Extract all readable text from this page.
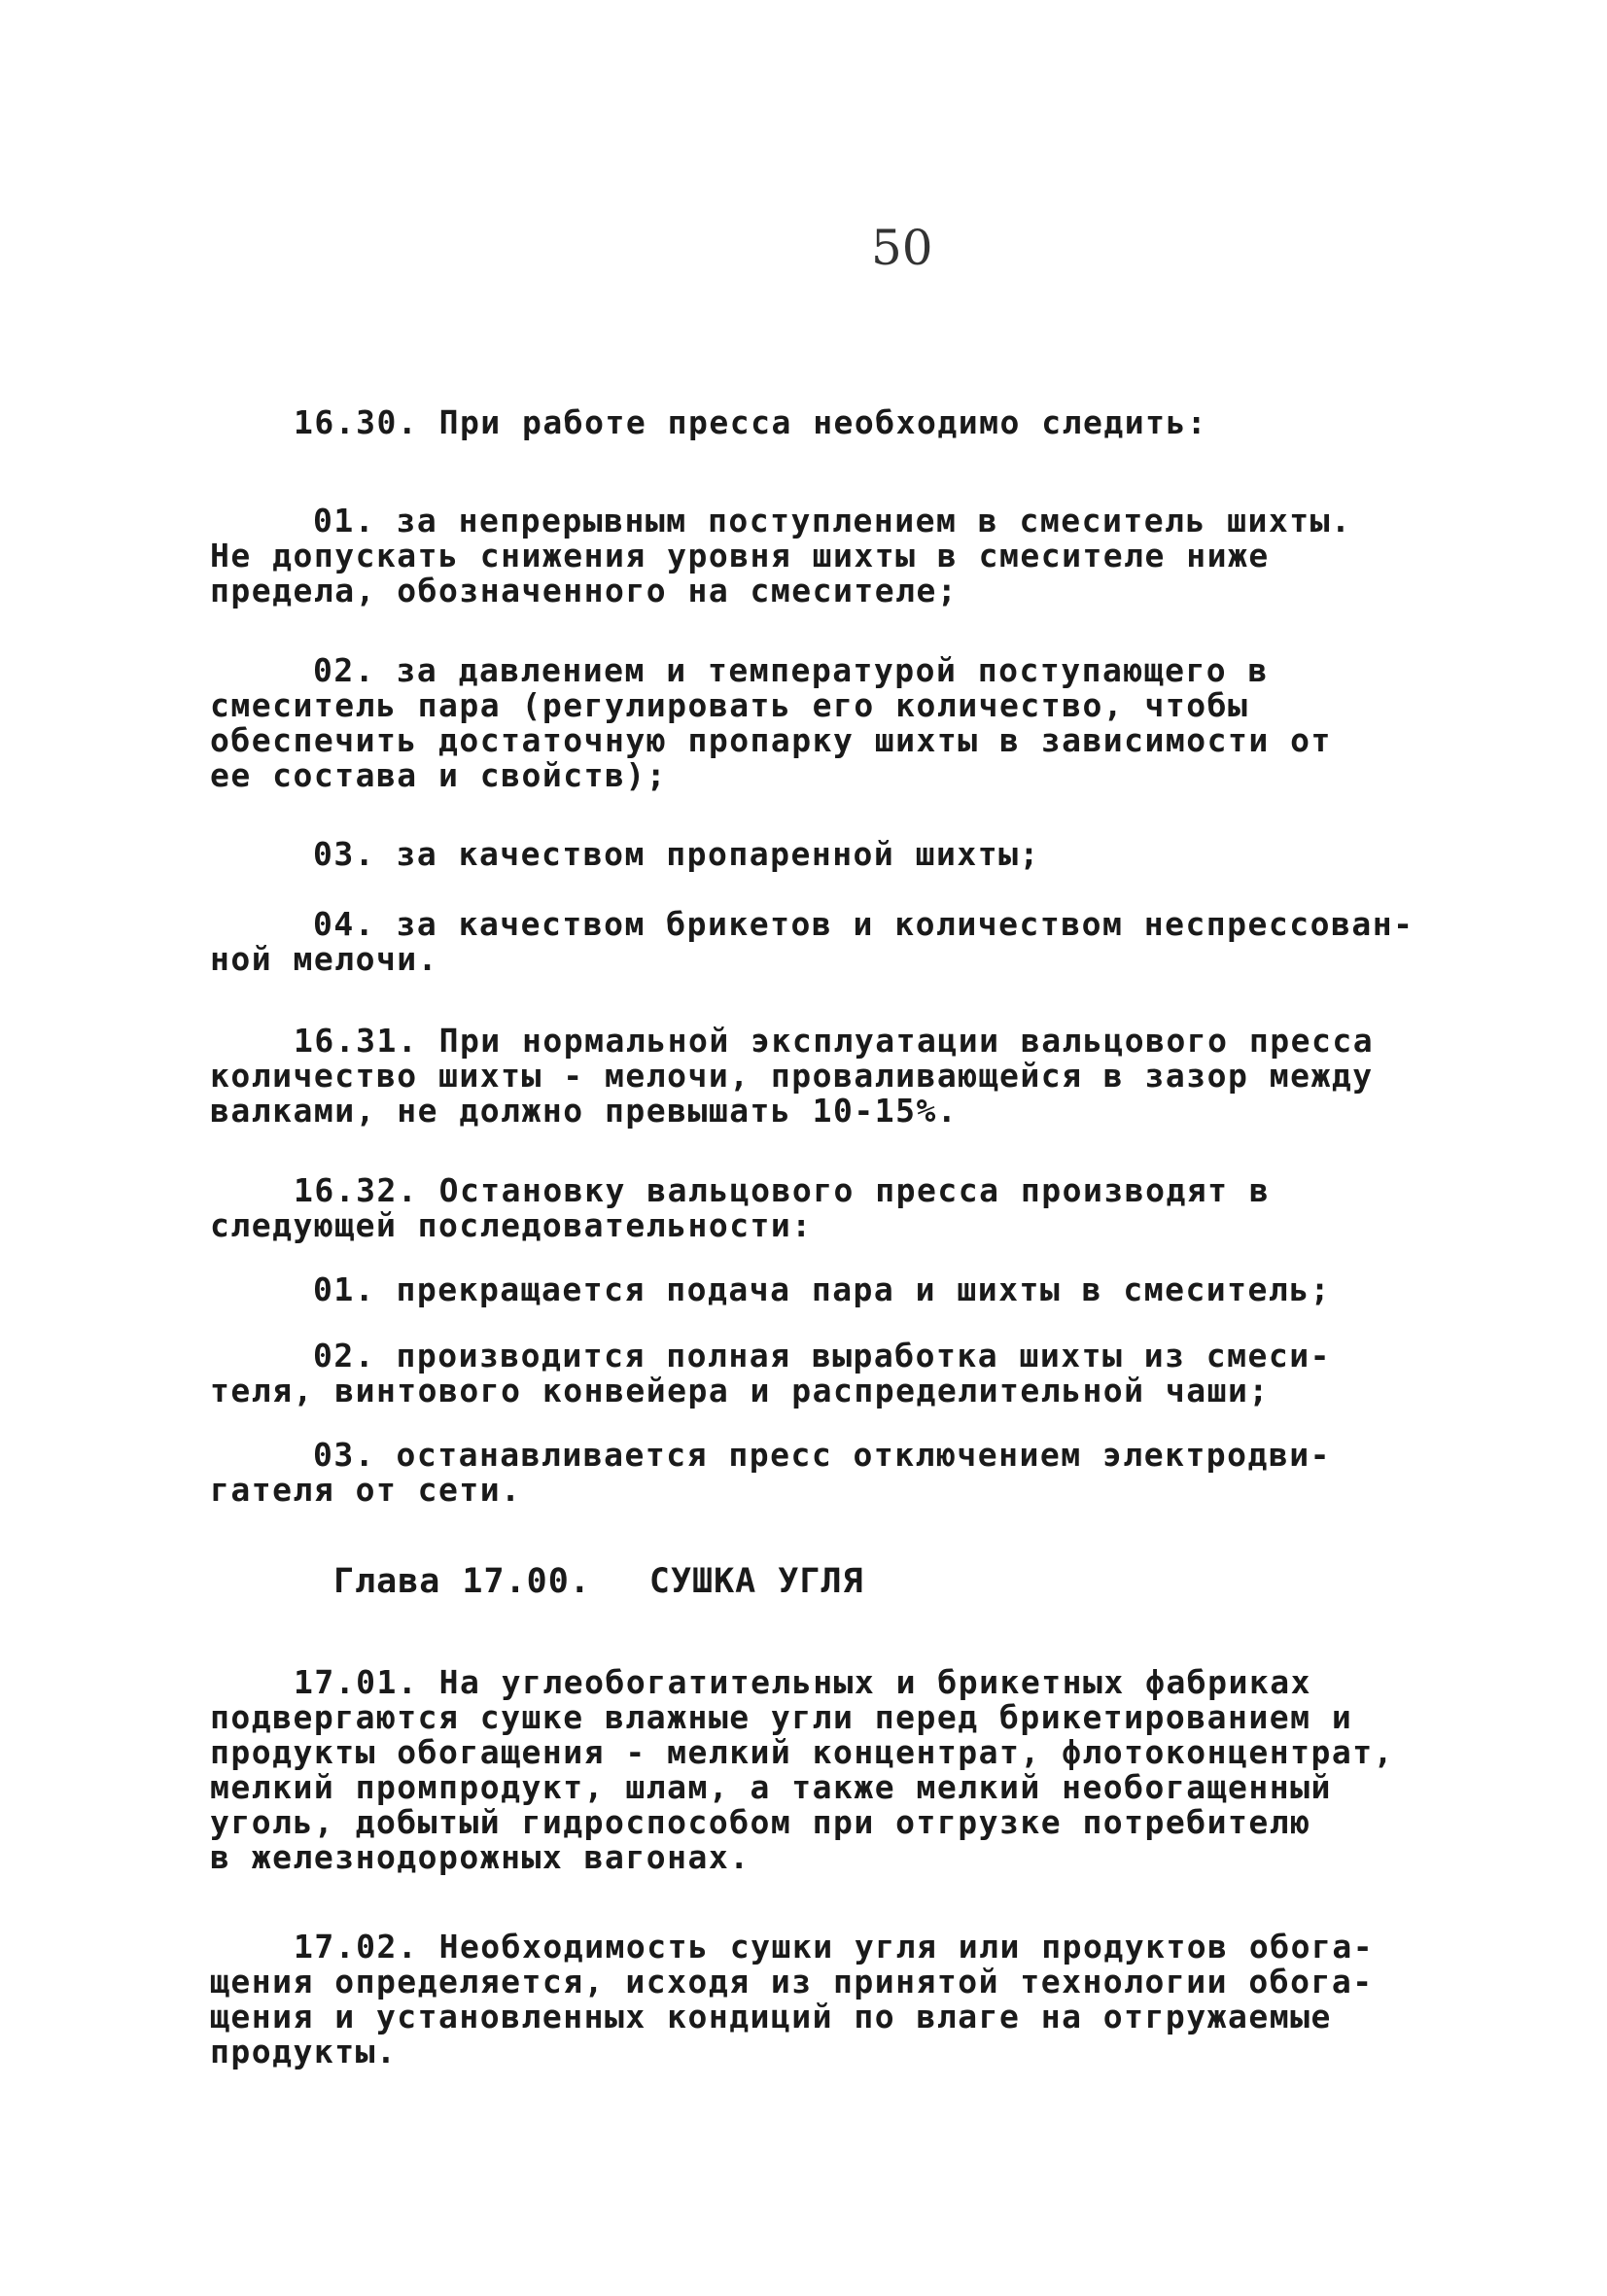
50
16.30. При работе пресса необходимо следить:
01. за непрерывным поступлением в смеситель шихты.
Не допускать снижения уровня шихты в смесителе ниже
предела, обозначенного на смесителе;
02. за давлением и температурой поступающего в
смеситель пара (регулировать его количество, чтобы
обеспечить достаточную пропарку шихты в зависимости от
ее состава и свойств);
03. за качеством пропаренной шихты;
04. за качеством брикетов и количеством неспрессован-
ной мелочи.
16.31. При нормальной эксплуатации вальцового пресса
количество шихты - мелочи, проваливающейся в зазор между
валками, не должно превышать 10-15%.
16.32. Остановку вальцового пресса производят в
следующей последовательности:
01. прекращается подача пара и шихты в смеситель;
02. производится полная выработка шихты из смеси-
теля, винтового конвейера и распределительной чаши;
03. останавливается пресс отключением электродви-
гателя от сети.
Глава 17.00. СУШКА УГЛЯ
17.01. На углеобогатительных и брикетных фабриках
подвергаются сушке влажные угли перед брикетированием и
продукты обогащения - мелкий концентрат, флотоконцентрат,
мелкий промпродукт, шлам, а также мелкий необогащенный
уголь, добытый гидроспособом при отгрузке потребителю
в железнодорожных вагонах.
17.02. Необходимость сушки угля или продуктов обога-
щения определяется, исходя из принятой технологии обога-
щения и установленных кондиций по влаге на отгружаемые
продукты.
